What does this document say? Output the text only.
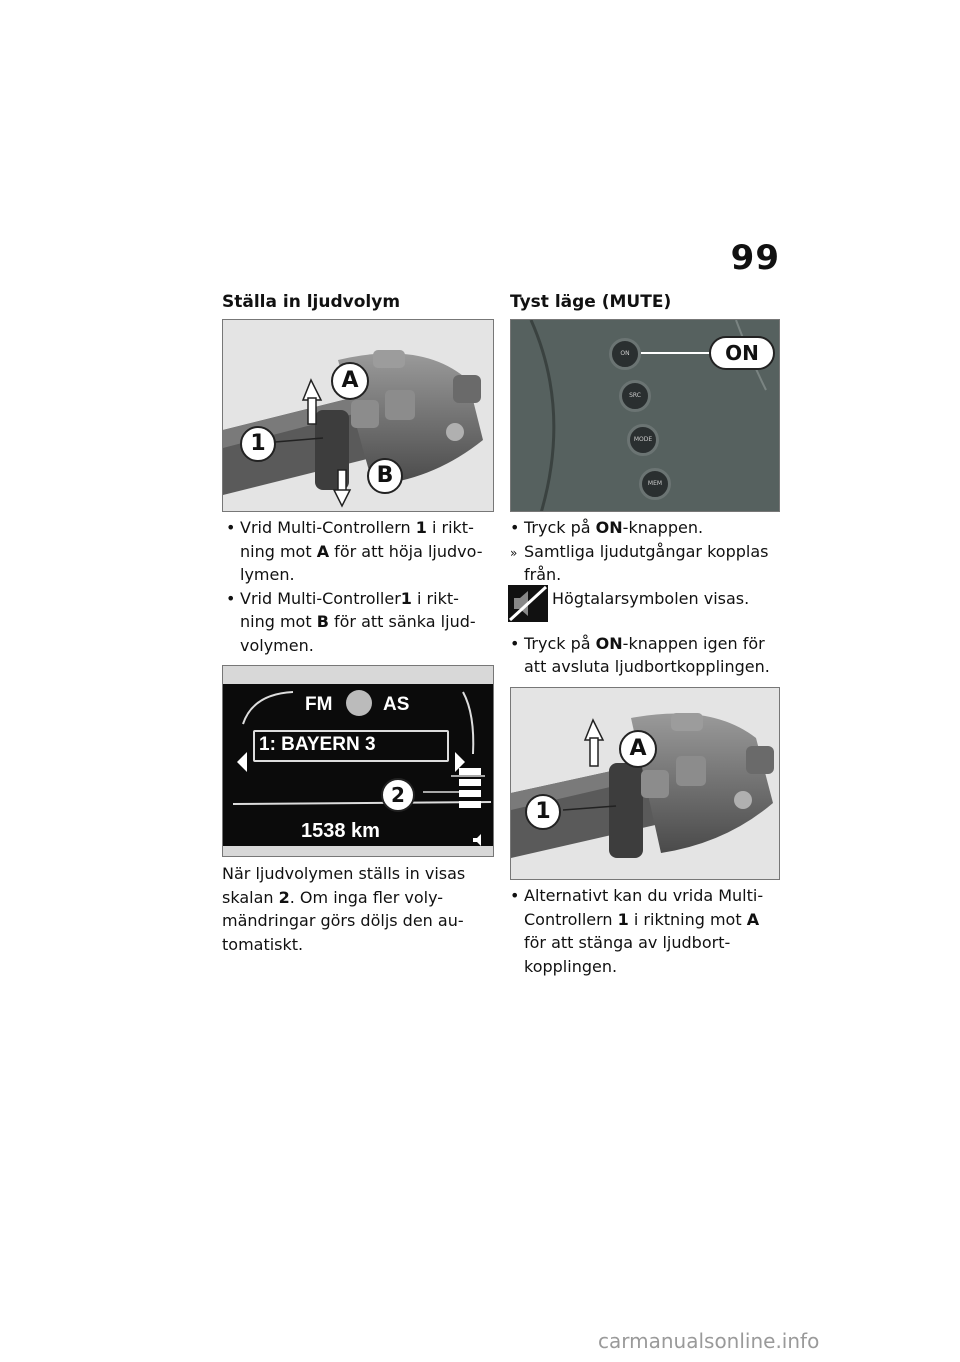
99
Ställa in ljudvolym
1
A
B
• Vrid Multi-Controllern 1 i rikt-
ning mot A för att höja ljudvo-
lymen.
• Vrid Multi-Controller1 i rikt-
ning mot B för att sänka ljud-
volymen.
FM	AS
1: BAYERN 3
2
1538 km
När ljudvolymen ställs in visas
skalan 2. Om inga fler voly-
mändringar görs döljs den au-
tomatiskt.
Tyst läge (MUTE)
ON
SRC
MODE
MEM
ON
• Tryck på ON-knappen.
» Samtliga ljudutgångar kopplas
från.
Högtalarsymbolen visas.
• Tryck på ON-knappen igen för
att avsluta ljudbortkopplingen.
1
A
• Alternativt kan du vrida Multi-
Controllern 1 i riktning mot A
för att stänga av ljudbort-
kopplingen.
carmanualsonline.info
